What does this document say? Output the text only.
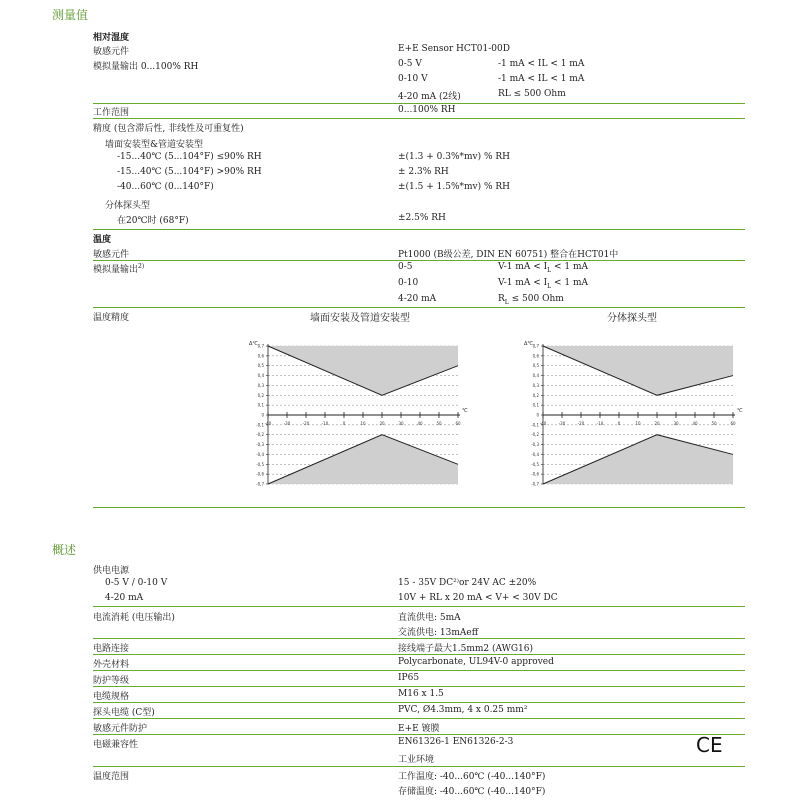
测量值
相对湿度
敏感元件	E+E Sensor HCT01-00D
模拟量输出 0...100% RH	0-5 V	-1 mA < IL < 1 mA
0-10 V	-1 mA < IL < 1 mA
4-20 mA (2线)	RL ≤ 500 Ohm
工作范围	0...100% RH
精度 (包含滞后性, 非线性及可重复性)
墙面安装型&管道安装型
-15...40℃ (5...104°F) ≤90% RH	±(1.3 + 0.3%*mv) % RH
-15...40℃ (5...104°F) >90% RH	± 2.3% RH
-40...60℃ (0...140°F)	±(1.5 + 1.5%*mv) % RH
分体探头型
在20℃时 (68°F)	±2.5% RH
温度
敏感元件	Pt1000 (B级公差, DIN EN 60751) 整合在HCT01中
模拟量输出$^{2)}$	0-5	V-1 mA < $I_L < 1$ mA
0-10	V-1 mA < $I_L < 1$ mA
4-20 mA	$R_L \le 500$ Ohm
温度精度	墙面安装及管道安装型	分体探头型
0,7
0,6
0,5
0,4
0,3
0,2
0,1
0
-0,1
-0,2
-0,3
-0,4
-0,5
-0,6
-0,7
-40	-30	-20	-10	0	10	20	30	40	50	60
Δ℃
℃
0,7
0,6
0,5
0,4
0,3
0,2
0,1
0
-0,1
-0,2
-0,3
-0,4
-0,5
-0,6
-0,7
-40	-30	-20	-10	0	10	20	30	40	50	60
Δ℃
℃
概述
供电电源
0-5 V / 0-10 V	15 - 35V DC²⁾or 24V AC ±20%
4-20 mA	10V + RL x 20 mA < V+ < 30V DC
电流消耗 (电压输出)	直流供电: 5mA
交流供电: 13mAeff
电路连接	接线端子最大1.5mm2 (AWG16)
外壳材料	Polycarbonate, UL94V-0 approved
防护等级	IP65
电缆规格	M16 x 1.5
探头电缆 (C型)	PVC, Ø4.3mm, 4 x 0.25 mm²
敏感元件防护	E+E 镀膜
电磁兼容性	EN61326-1 EN61326-2-3
工业环境
CE
温度范围	工作温度: -40...60℃ (-40...140°F)
存储温度: -40...60℃ (-40...140°F)
